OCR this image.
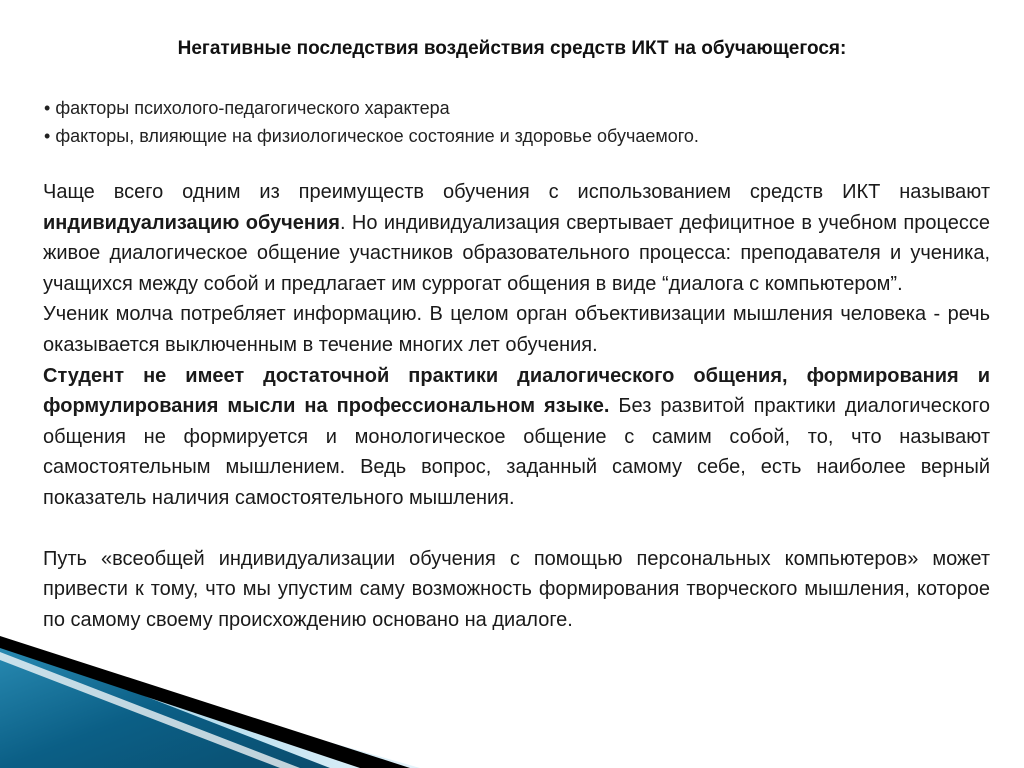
Негативные последствия воздействия средств ИКТ на обучающегося:
• факторы психолого-педагогического характера
• факторы, влияющие на физиологическое состояние и здоровье обучаемого.

Чаще всего одним из преимуществ обучения с использованием средств ИКТ называют индивидуализацию обучения. Но индивидуализация свертывает дефицитное в учебном процессе живое диалогическое общение участников образовательного процесса: преподавателя и ученика, учащихся между собой и предлагает им суррогат общения в виде “диалога с компьютером”.

Ученик молча потребляет информацию. В целом орган объективизации мышления человека - речь оказывается выключенным в течение многих лет обучения.

Студент не имеет достаточной практики диалогического общения, формирования и формулирования мысли на профессиональном языке. Без развитой практики диалогического общения не формируется и монологическое общение с самим собой, то, что называют самостоятельным мышлением. Ведь вопрос, заданный самому себе, есть наиболее верный показатель наличия самостоятельного мышления.

Путь «всеобщей индивидуализации обучения с помощью персональных компьютеров» может привести к тому, что мы упустим саму возможность формирования творческого мышления, которое по самому своему происхождению основано на диалоге.
